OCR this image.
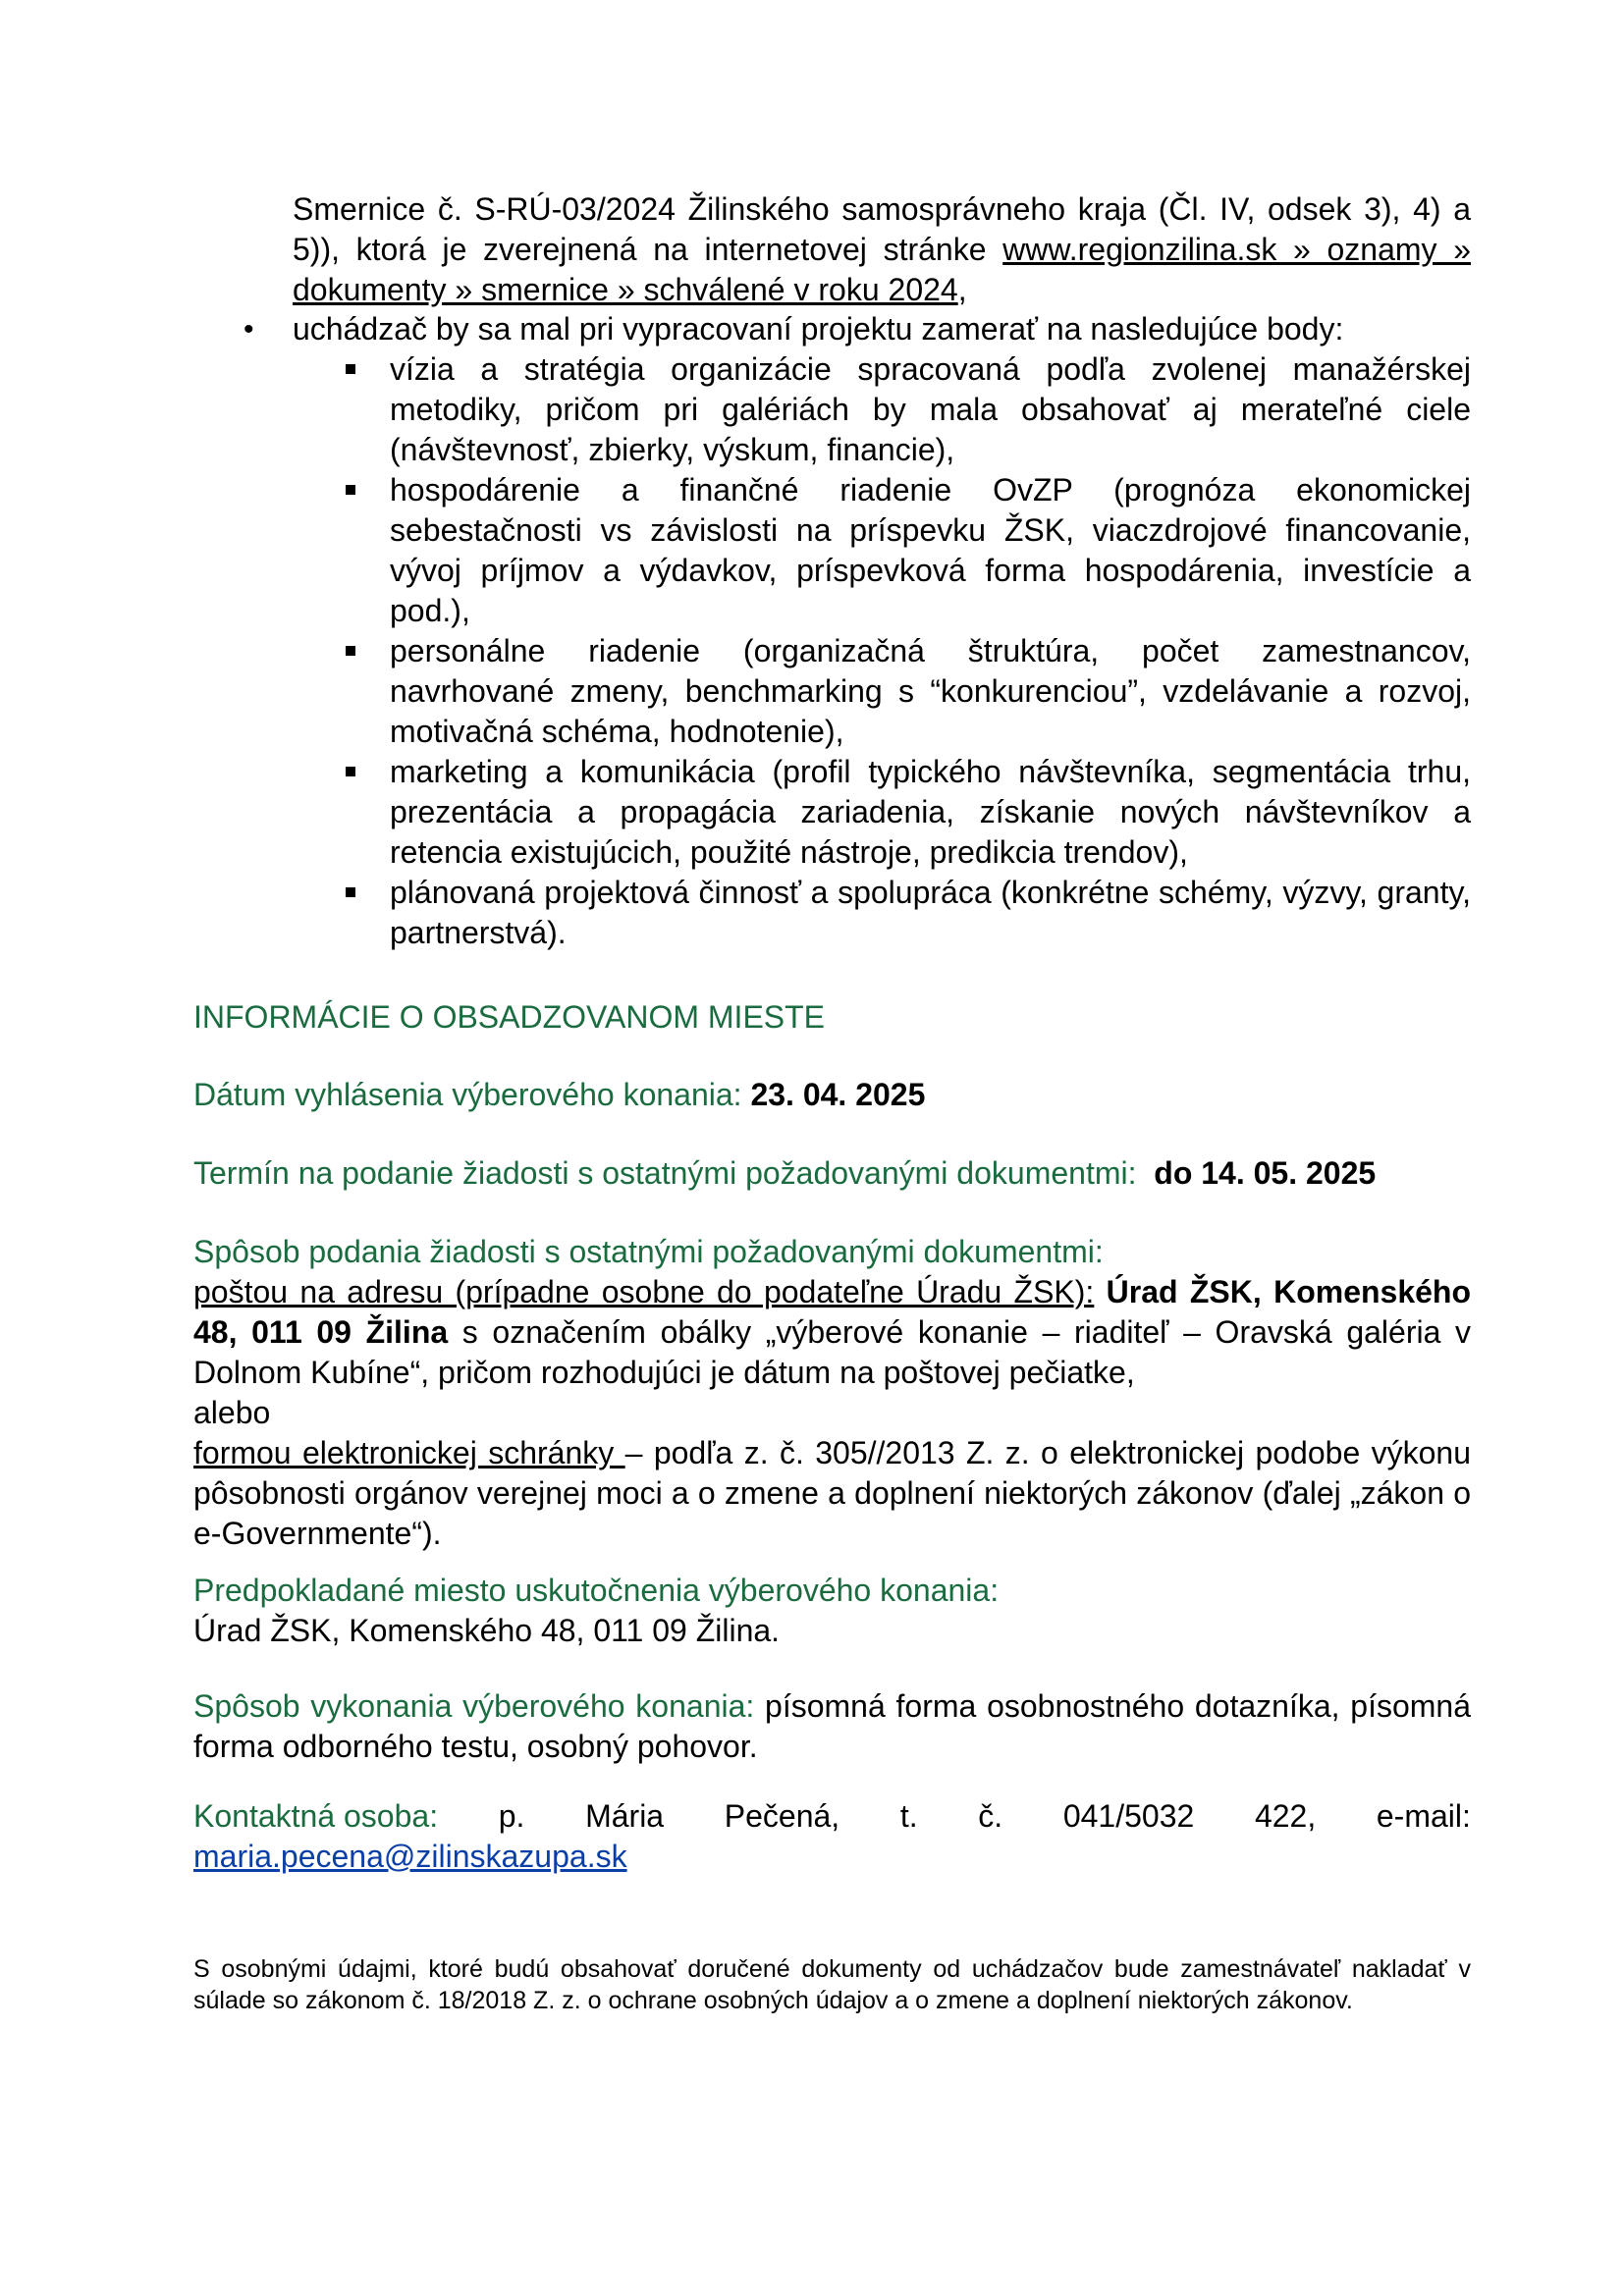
Smernice č. S-RÚ-03/2024 Žilinského samosprávneho kraja (Čl. IV, odsek 3), 4) a 5)), ktorá je zverejnená na internetovej stránke www.regionzilina.sk » oznamy » dokumenty » smernice » schválené v roku 2024,

• uchádzač by sa mal pri vypracovaní projektu zamerať na nasledujúce body:
vízia a stratégia organizácie spracovaná podľa zvolenej manažérskej metodiky, pričom pri galériách by mala obsahovať aj merateľné ciele (návštevnosť, zbierky, výskum, financie),
hospodárenie a finančné riadenie OvZP (prognóza ekonomickej sebestačnosti vs závislosti na príspevku ŽSK, viaczdrojové financovanie, vývoj príjmov a výdavkov, príspevková forma hospodárenia, investície a pod.),
personálne riadenie (organizačná štruktúra, počet zamestnancov, navrhované zmeny, benchmarking s “konkurenciou”, vzdelávanie a rozvoj, motivačná schéma, hodnotenie),
marketing a komunikácia (profil typického návštevníka, segmentácia trhu, prezentácia a propagácia zariadenia, získanie nových návštevníkov a retencia existujúcich, použité nástroje, predikcia trendov),
plánovaná projektová činnosť a spolupráca (konkrétne schémy, výzvy, granty, partnerstvá).
INFORMÁCIE O OBSADZOVANOM MIESTE
Dátum vyhlásenia výberového konania: 23. 04. 2025
Termín na podanie žiadosti s ostatnými požadovanými dokumentmi: do 14. 05. 2025
Spôsob podania žiadosti s ostatnými požadovanými dokumentmi:
poštou na adresu (prípadne osobne do podateľne Úradu ŽSK): Úrad ŽSK, Komenského 48, 011 09 Žilina s označením obálky „výberové konanie – riaditeľ – Oravská galéria v Dolnom Kubíne“, pričom rozhodujúci je dátum na poštovej pečiatke,
alebo
formou elektronickej schránky – podľa z. č. 305//2013 Z. z. o elektronickej podobe výkonu pôsobnosti orgánov verejnej moci a o zmene a doplnení niektorých zákonov (ďalej „zákon o e-Governmente“).
Predpokladané miesto uskutočnenia výberového konania:
Úrad ŽSK, Komenského 48, 011 09 Žilina.
Spôsob vykonania výberového konania: písomná forma osobnostného dotazníka, písomná forma odborného testu, osobný pohovor.
Kontaktná osoba: p. Mária Pečená, t. č. 041/5032 422, e-mail:
maria.pecena@zilinskazupa.sk

S osobnými údajmi, ktoré budú obsahovať doručené dokumenty od uchádzačov bude zamestnávateľ nakladať v súlade so zákonom č. 18/2018 Z. z. o ochrane osobných údajov a o zmene a doplnení niektorých zákonov.
